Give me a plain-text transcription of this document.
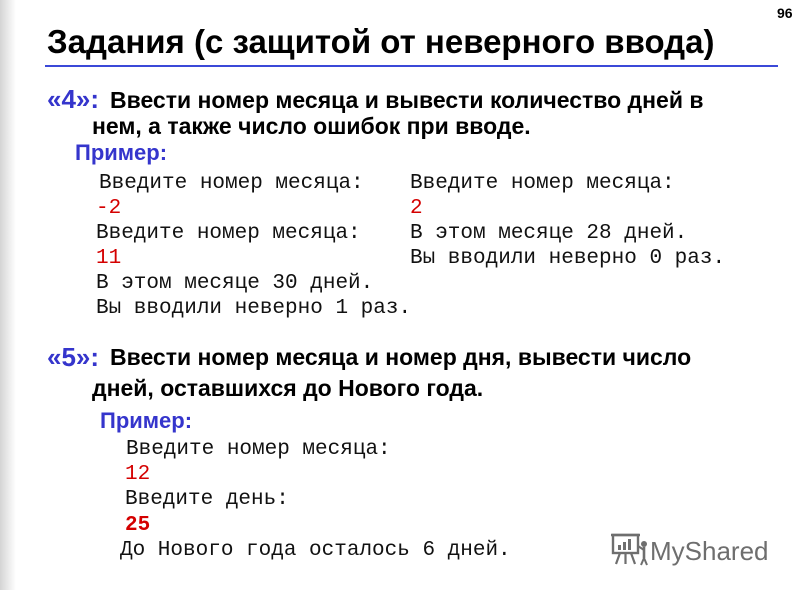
96
Задания (с защитой от неверного ввода)
«4»: Ввести номер месяца и вывести количество дней в
нем, а также число ошибок при вводе.
Пример:
Введите номер месяца:
-2
Введите номер месяца:
11
В этом месяце 30 дней.
Вы вводили неверно 1 раз.
Введите номер месяца:
2
В этом месяце 28 дней.
Вы вводили неверно 0 раз.
«5»: Ввести номер месяца и номер дня, вывести число
дней, оставшихся до Нового года.
Пример:
Введите номер месяца:
12
Введите день:
25
До Нового года осталось 6 дней.	MyShared
